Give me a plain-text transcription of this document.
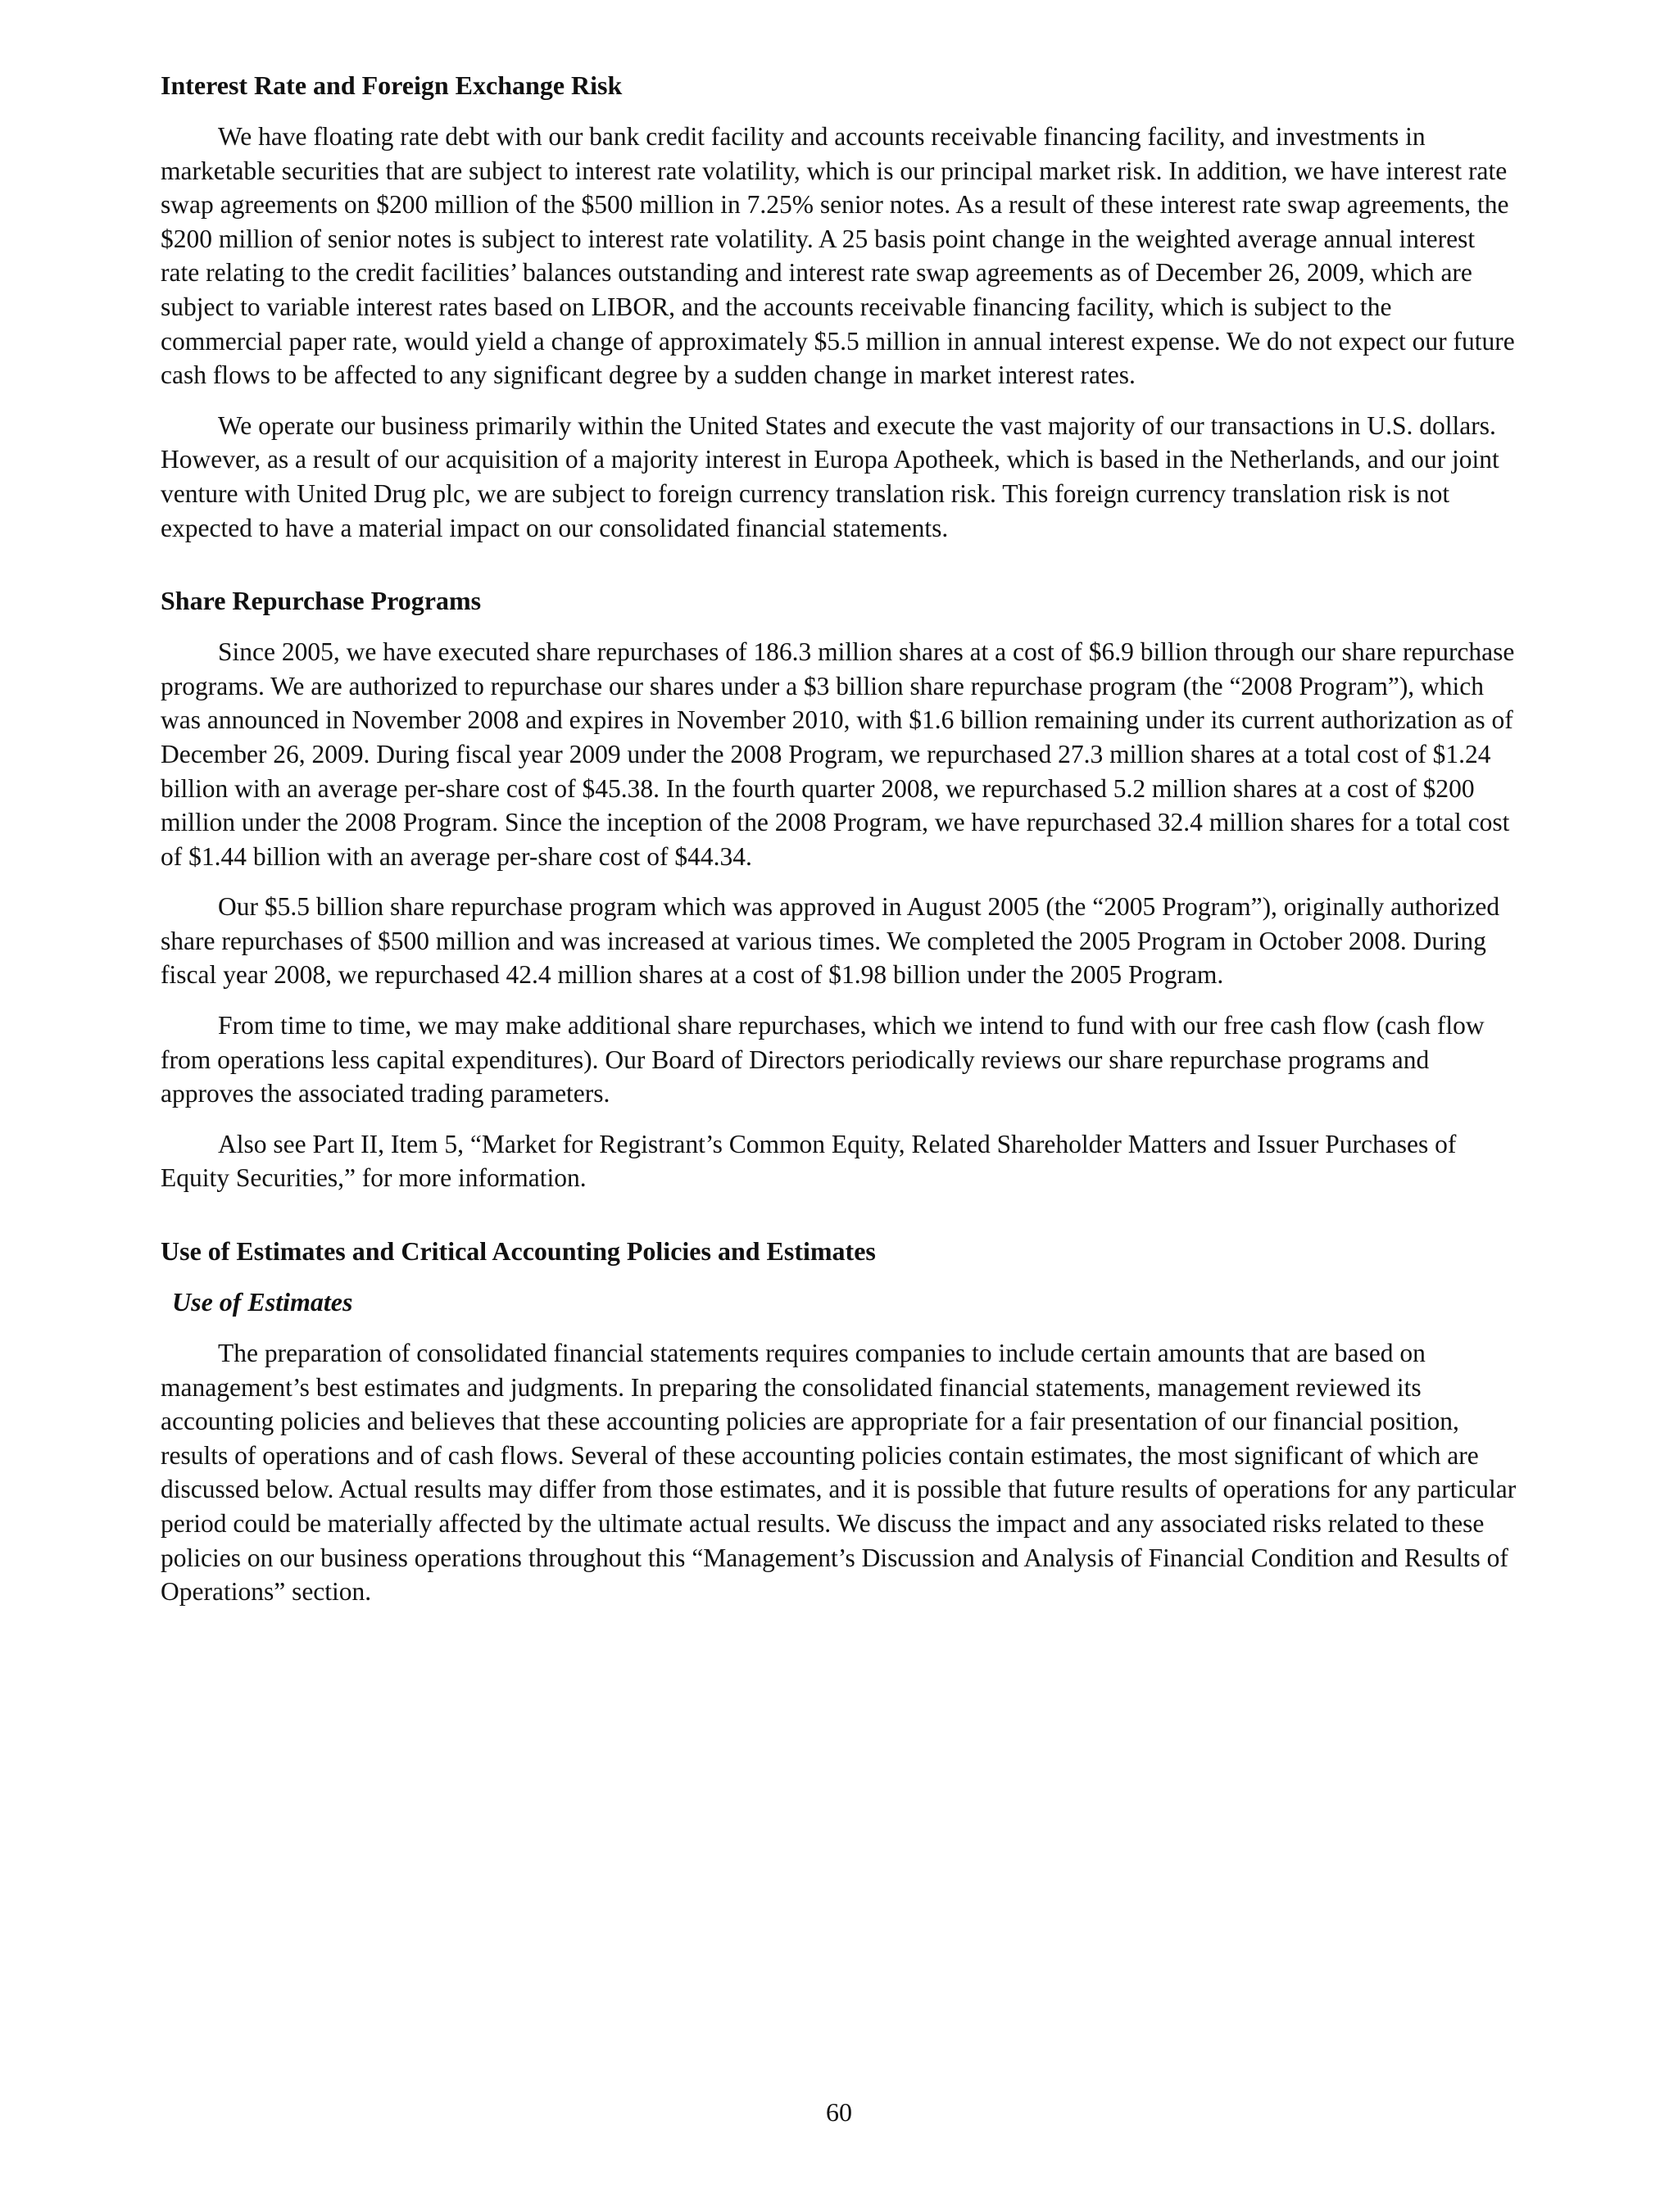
Interest Rate and Foreign Exchange Risk

We have floating rate debt with our bank credit facility and accounts receivable financing facility, and investments in marketable securities that are subject to interest rate volatility, which is our principal market risk. In addition, we have interest rate swap agreements on $200 million of the $500 million in 7.25% senior notes. As a result of these interest rate swap agreements, the $200 million of senior notes is subject to interest rate volatility. A 25 basis point change in the weighted average annual interest rate relating to the credit facilities’ balances outstanding and interest rate swap agreements as of December 26, 2009, which are subject to variable interest rates based on LIBOR, and the accounts receivable financing facility, which is subject to the commercial paper rate, would yield a change of approximately $5.5 million in annual interest expense. We do not expect our future cash flows to be affected to any significant degree by a sudden change in market interest rates.

We operate our business primarily within the United States and execute the vast majority of our transactions in U.S. dollars. However, as a result of our acquisition of a majority interest in Europa Apotheek, which is based in the Netherlands, and our joint venture with United Drug plc, we are subject to foreign currency translation risk. This foreign currency translation risk is not expected to have a material impact on our consolidated financial statements.

Share Repurchase Programs

Since 2005, we have executed share repurchases of 186.3 million shares at a cost of $6.9 billion through our share repurchase programs. We are authorized to repurchase our shares under a $3 billion share repurchase program (the “2008 Program”), which was announced in November 2008 and expires in November 2010, with $1.6 billion remaining under its current authorization as of December 26, 2009. During fiscal year 2009 under the 2008 Program, we repurchased 27.3 million shares at a total cost of $1.24 billion with an average per-share cost of $45.38. In the fourth quarter 2008, we repurchased 5.2 million shares at a cost of $200 million under the 2008 Program. Since the inception of the 2008 Program, we have repurchased 32.4 million shares for a total cost of $1.44 billion with an average per-share cost of $44.34.

Our $5.5 billion share repurchase program which was approved in August 2005 (the “2005 Program”), originally authorized share repurchases of $500 million and was increased at various times. We completed the 2005 Program in October 2008. During fiscal year 2008, we repurchased 42.4 million shares at a cost of $1.98 billion under the 2005 Program.

From time to time, we may make additional share repurchases, which we intend to fund with our free cash flow (cash flow from operations less capital expenditures). Our Board of Directors periodically reviews our share repurchase programs and approves the associated trading parameters.

Also see Part II, Item 5, “Market for Registrant’s Common Equity, Related Shareholder Matters and Issuer Purchases of Equity Securities,” for more information.

Use of Estimates and Critical Accounting Policies and Estimates
Use of Estimates

The preparation of consolidated financial statements requires companies to include certain amounts that are based on management’s best estimates and judgments. In preparing the consolidated financial statements, management reviewed its accounting policies and believes that these accounting policies are appropriate for a fair presentation of our financial position, results of operations and of cash flows. Several of these accounting policies contain estimates, the most significant of which are discussed below. Actual results may differ from those estimates, and it is possible that future results of operations for any particular period could be materially affected by the ultimate actual results. We discuss the impact and any associated risks related to these policies on our business operations throughout this “Management’s Discussion and Analysis of Financial Condition and Results of Operations” section.

60
